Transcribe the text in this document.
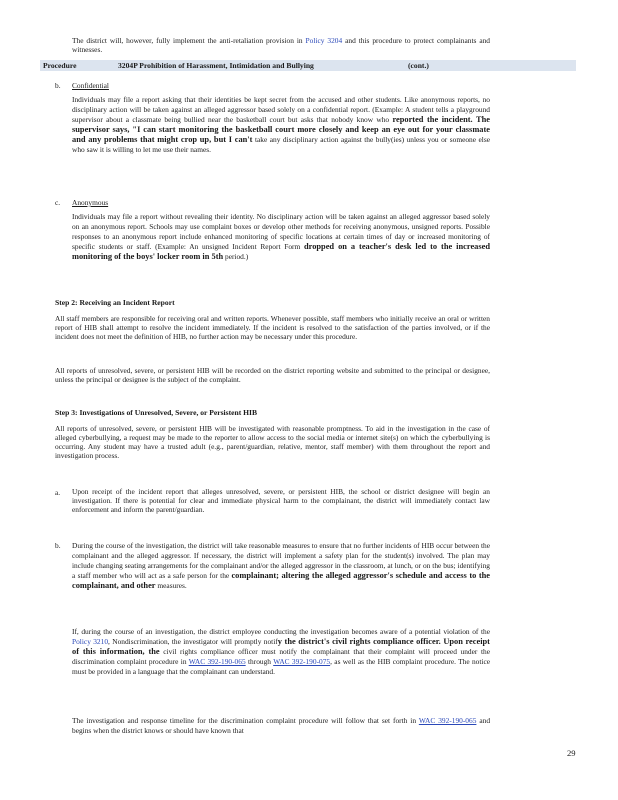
The district will, however, fully implement the anti-retaliation provision in Policy 3204 and this procedure to protect complainants and witnesses.
Procedure	3204P Prohibition of Harassment, Intimidation and Bullying	(cont.)
b. Confidential
Individuals may file a report asking that their identities be kept secret from the accused and other students. Like anonymous reports, no disciplinary action will be taken against an alleged aggressor based solely on a confidential report. (Example: A student tells a playground supervisor about a classmate being bullied near the basketball court but asks that nobody know who reported the incident. The supervisor says, "I can start monitoring the basketball court more closely and keep an eye out for your classmate and any problems that might crop up, but I can't take any disciplinary action against the bully(ies) unless you or someone else who saw it is willing to let me use their names.
c. Anonymous
Individuals may file a report without revealing their identity. No disciplinary action will be taken against an alleged aggressor based solely on an anonymous report. Schools may use complaint boxes or develop other methods for receiving anonymous, unsigned reports. Possible responses to an anonymous report include enhanced monitoring of specific locations at certain times of day or increased monitoring of specific students or staff. (Example: An unsigned Incident Report Form dropped on a teacher's desk led to the increased monitoring of the boys' locker room in 5th period.)
Step 2: Receiving an Incident Report
All staff members are responsible for receiving oral and written reports. Whenever possible, staff members who initially receive an oral or written report of HIB shall attempt to resolve the incident immediately. If the incident is resolved to the satisfaction of the parties involved, or if the incident does not meet the definition of HIB, no further action may be necessary under this procedure.
All reports of unresolved, severe, or persistent HIB will be recorded on the district reporting website and submitted to the principal or designee, unless the principal or designee is the subject of the complaint.
Step 3: Investigations of Unresolved, Severe, or Persistent HIB
All reports of unresolved, severe, or persistent HIB will be investigated with reasonable promptness. To aid in the investigation in the case of alleged cyberbullying, a request may be made to the reporter to allow access to the social media or internet site(s) on which the cyberbullying is occurring. Any student may have a trusted adult (e.g., parent/guardian, relative, mentor, staff member) with them throughout the report and investigation process.
a. Upon receipt of the incident report that alleges unresolved, severe, or persistent HIB, the school or district designee will begin an investigation. If there is potential for clear and immediate physical harm to the complainant, the district will immediately contact law enforcement and inform the parent/guardian.
b. During the course of the investigation, the district will take reasonable measures to ensure that no further incidents of HIB occur between the complainant and the alleged aggressor. If necessary, the district will implement a safety plan for the student(s) involved. The plan may include changing seating arrangements for the complainant and/or the alleged aggressor in the classroom, at lunch, or on the bus; identifying a staff member who will act as a safe person for the complainant; altering the alleged aggressor's schedule and access to the complainant, and other measures.
If, during the course of an investigation, the district employee conducting the investigation becomes aware of a potential violation of the Policy 3210, Nondiscrimination, the investigator will promptly notify the district's civil rights compliance officer. Upon receipt of this information, the civil rights compliance officer must notify the complainant that their complaint will proceed under the discrimination complaint procedure in WAC 392-190-065 through WAC 392-190-075, as well as the HIB complaint procedure. The notice must be provided in a language that the complainant can understand.
The investigation and response timeline for the discrimination complaint procedure will follow that set forth in WAC 392-190-065 and begins when the district knows or should have known that
29
